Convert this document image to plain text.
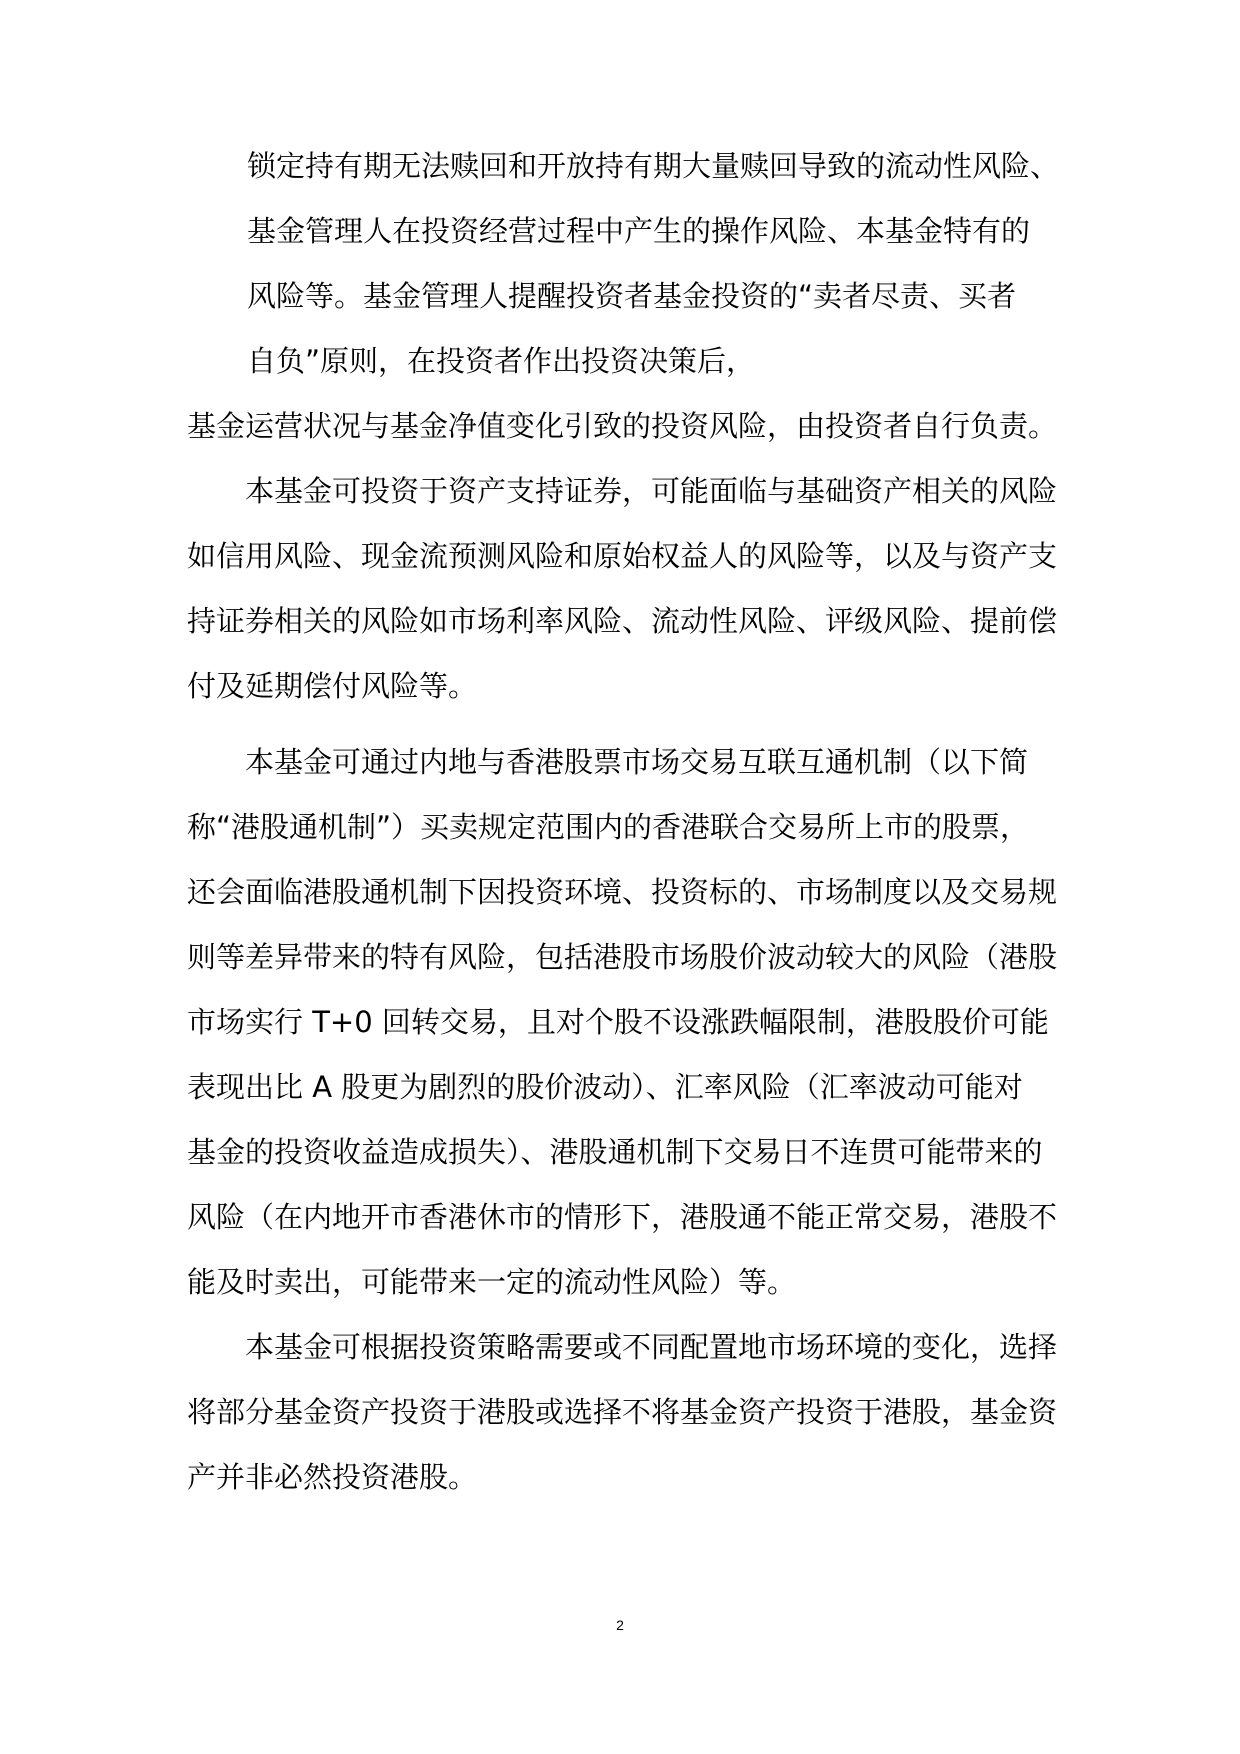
锁定持有期无法赎回和开放持有期大量赎回导致的流动性风险、
基金管理人在投资经营过程中产生的操作风险、本基金特有的
风险等。基金管理人提醒投资者基金投资的“卖者尽责、买者
自负”原则，在投资者作出投资决策后，
基金运营状况与基金净值变化引致的投资风险，由投资者自行负责。
本基金可投资于资产支持证券，可能面临与基础资产相关的风险
如信用风险、现金流预测风险和原始权益人的风险等，以及与资产支
持证券相关的风险如市场利率风险、流动性风险、评级风险、提前偿
付及延期偿付风险等。
本基金可通过内地与香港股票市场交易互联互通机制（以下简
称“港股通机制”）买卖规定范围内的香港联合交易所上市的股票，
还会面临港股通机制下因投资环境、投资标的、市场制度以及交易规
则等差异带来的特有风险，包括港股市场股价波动较大的风险（港股
市场实行 T+0 回转交易，且对个股不设涨跌幅限制，港股股价可能
表现出比 A 股更为剧烈的股价波动）、汇率风险（汇率波动可能对
基金的投资收益造成损失）、港股通机制下交易日不连贯可能带来的
风险（在内地开市香港休市的情形下，港股通不能正常交易，港股不
能及时卖出，可能带来一定的流动性风险）等。
本基金可根据投资策略需要或不同配置地市场环境的变化，选择
将部分基金资产投资于港股或选择不将基金资产投资于港股，基金资
产并非必然投资港股。
2
